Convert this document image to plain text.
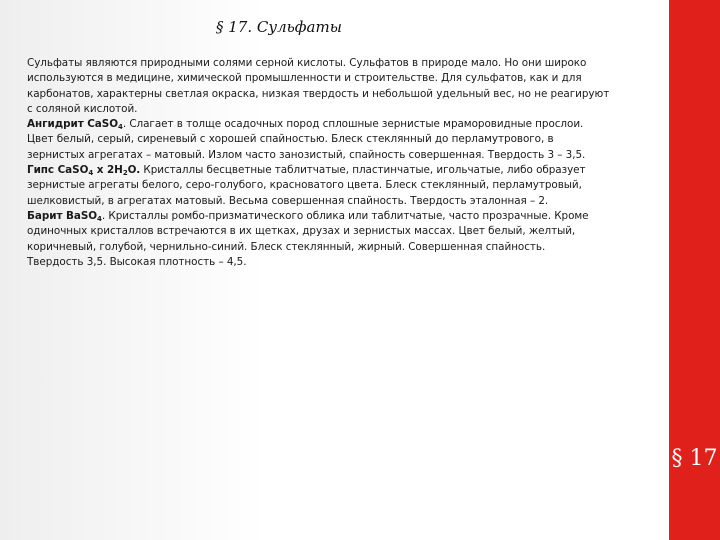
§ 17. Сульфаты
Сульфаты являются природными солями серной кислоты. Сульфатов в природе мало. Но они широко
используются в медицине, химической промышленности и строительстве. Для сульфатов, как и для
карбонатов, характерны светлая окраска, низкая твердость и небольшой удельный вес, но не реагируют
с соляной кислотой.
Ангидрит CaSO$_4$. Слагает в толще осадочных пород сплошные зернистые мраморовидные прослои.
Цвет белый, серый, сиреневый с хорошей спайностью. Блеск стеклянный до перламутрового, в
зернистых агрегатах – матовый. Излом часто занозистый, спайность совершенная. Твердость 3 – 3,5.
Гипс CaSO$_4$ x $2H_2O$. Кристаллы бесцветные таблитчатые, пластинчатые, игольчатые, либо образует
зернистые агрегаты белого, серо-голубого, красноватого цвета. Блеск стеклянный, перламутровый,
шелковистый, в агрегатах матовый. Весьма совершенная спайность. Твердость эталонная – 2.
Барит BaSO$_4$. Кристаллы ромбо-призматического облика или таблитчатые, часто прозрачные. Кроме
одиночных кристаллов встречаются в их щетках, друзах и зернистых массах. Цвет белый, желтый,
коричневый, голубой, чернильно-синий. Блеск стеклянный, жирный. Совершенная спайность.
Твердость 3,5. Высокая плотность – 4,5.
§ 17
